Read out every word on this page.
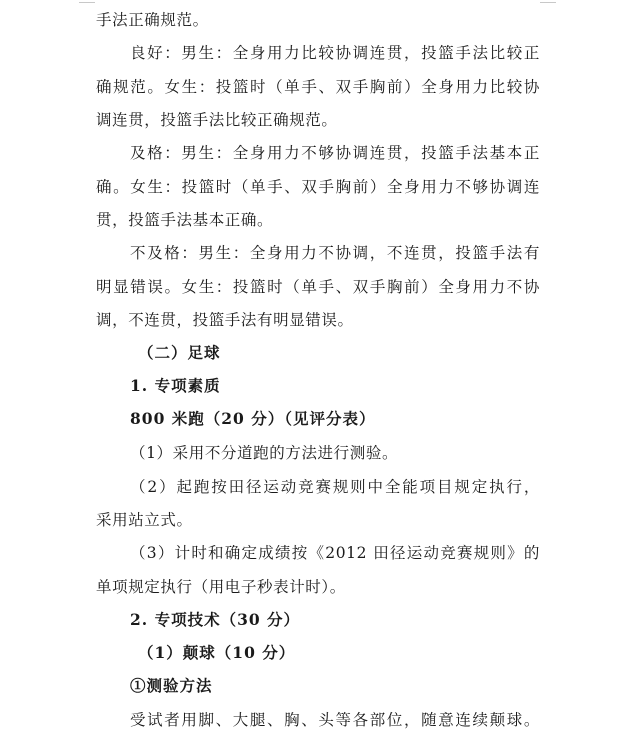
手法正确规范。
良好：男生：全身用力比较协调连贯，投篮手法比较正
确规范。女生：投篮时（单手、双手胸前）全身用力比较协
调连贯，投篮手法比较正确规范。
及格：男生：全身用力不够协调连贯，投篮手法基本正
确。女生：投篮时（单手、双手胸前）全身用力不够协调连
贯，投篮手法基本正确。
不及格：男生：全身用力不协调，不连贯，投篮手法有
明显错误。女生：投篮时（单手、双手胸前）全身用力不协
调，不连贯，投篮手法有明显错误。
（二）足球
1. 专项素质
800 米跑（20 分）（见评分表）
（1）采用不分道跑的方法进行测验。
（2）起跑按田径运动竞赛规则中全能项目规定执行，
采用站立式。
（3）计时和确定成绩按《2012 田径运动竞赛规则》的
单项规定执行（用电子秒表计时）。
2. 专项技术（30 分）
（1）颠球（10 分）
①测验方法
受试者用脚、大腿、胸、头等各部位，随意连续颠球。
